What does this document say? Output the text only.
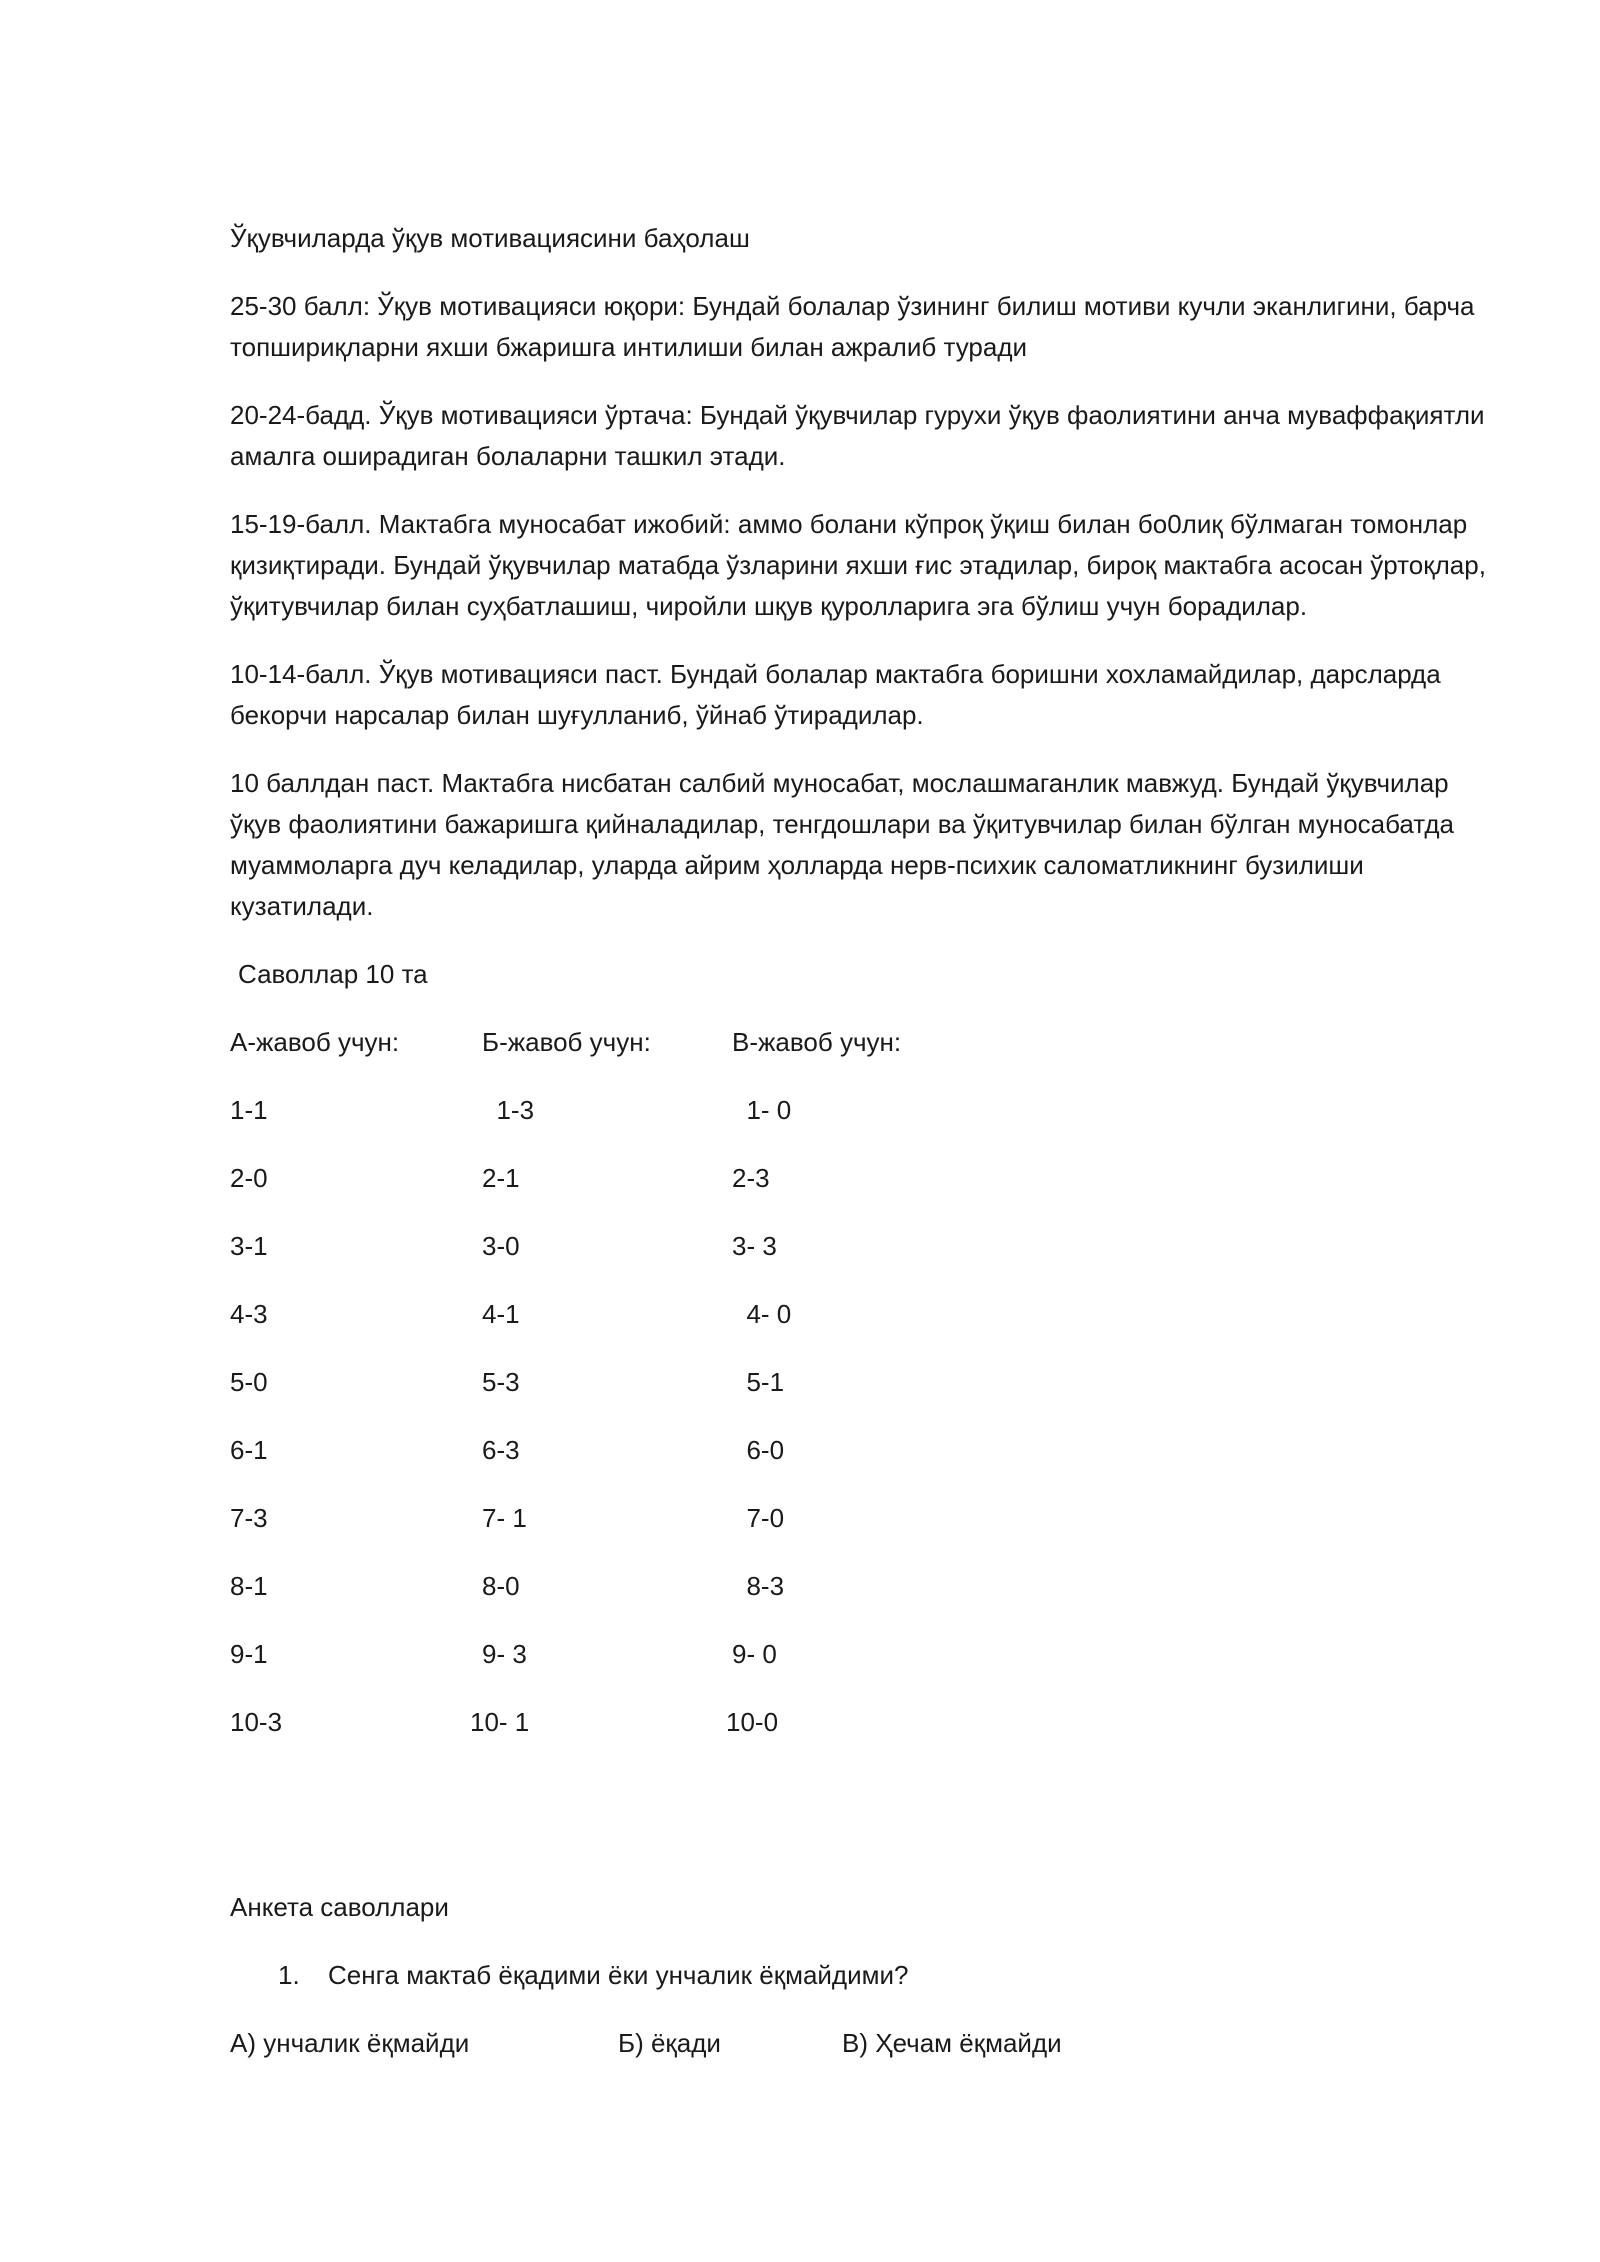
Ўқувчиларда ўқув мотивациясини баҳолаш
25-30 балл: Ўқув мотивацияси юқори: Бундай болалар ўзининг билиш мотиви кучли эканлигини, барча топшириқларни яхши бжаришга интилиши билан ажралиб туради
20-24-бадд. Ўқув мотивацияси ўртача: Бундай ўқувчилар гурухи ўқув фаолиятини анча муваффақиятли амалга оширадиган болаларни ташкил этади.
15-19-балл. Мактабга муносабат ижобий: аммо болани кўпроқ ўқиш билан бо0лиқ бўлмаган томонлар қизиқтиради. Бундай ўқувчилар матабда ўзларини яхши ғис этадилар, бироқ мактабга асосан ўртоқлар, ўқитувчилар билан суҳбатлашиш, чиройли шқув қуролларига эга бўлиш учун борадилар.
10-14-балл. Ўқув мотивацияси паст. Бундай болалар мактабга боришни хохламайдилар, дарсларда бекорчи нарсалар билан шуғулланиб, ўйнаб ўтирадилар.
10 баллдан паст. Мактабга нисбатан салбий муносабат, мослашмаганлик мавжуд. Бундай ўқувчилар ўқув фаолиятини бажаришга қийналадилар, тенгдошлари ва ўқитувчилар билан бўлган муносабатда муаммоларга дуч келадилар, уларда айрим ҳолларда нерв-психик саломатликнинг бузилиши кузатилади.
Саволлар 10 та
А-жавоб учун:	Б-жавоб учун:	В-жавоб учун:
1-1	1-3	1- 0
2-0	2-1	2-3
3-1	3-0	3- 3
4-3	4-1	4- 0
5-0	5-3	5-1
6-1	6-3	6-0
7-3	7- 1	7-0
8-1	8-0	8-3
9-1	9- 3	9- 0
10-3	10- 1	10-0
Анкета саволлари
1. Сенга мактаб ёқадими ёки унчалик ёқмайдими?
А) унчалик ёқмайди	Б) ёқади	В) Ҳечам ёқмайди
